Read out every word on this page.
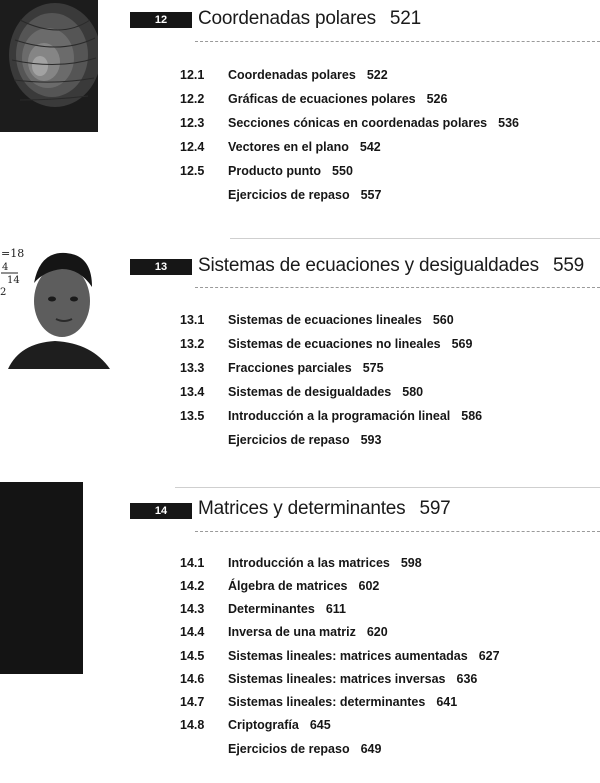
12	Coordenadas polares 521
12.1 Coordenadas polares 522
12.2 Gráficas de ecuaciones polares 526
12.3 Secciones cónicas en coordenadas polares 536
12.4 Vectores en el plano 542
12.5 Producto punto 550
Ejercicios de repaso 557
=18
4
14
2
13	Sistemas de ecuaciones y desigualdades 559
13.1 Sistemas de ecuaciones lineales 560
13.2 Sistemas de ecuaciones no lineales 569
13.3 Fracciones parciales 575
13.4 Sistemas de desigualdades 580
13.5 Introducción a la programación lineal 586
Ejercicios de repaso 593
14	Matrices y determinantes 597
14.1 Introducción a las matrices 598
14.2 Álgebra de matrices 602
14.3 Determinantes 611
14.4 Inversa de una matriz 620
14.5 Sistemas lineales: matrices aumentadas 627
14.6 Sistemas lineales: matrices inversas 636
14.7 Sistemas lineales: determinantes 641
14.8 Criptografía 645
Ejercicios de repaso 649
